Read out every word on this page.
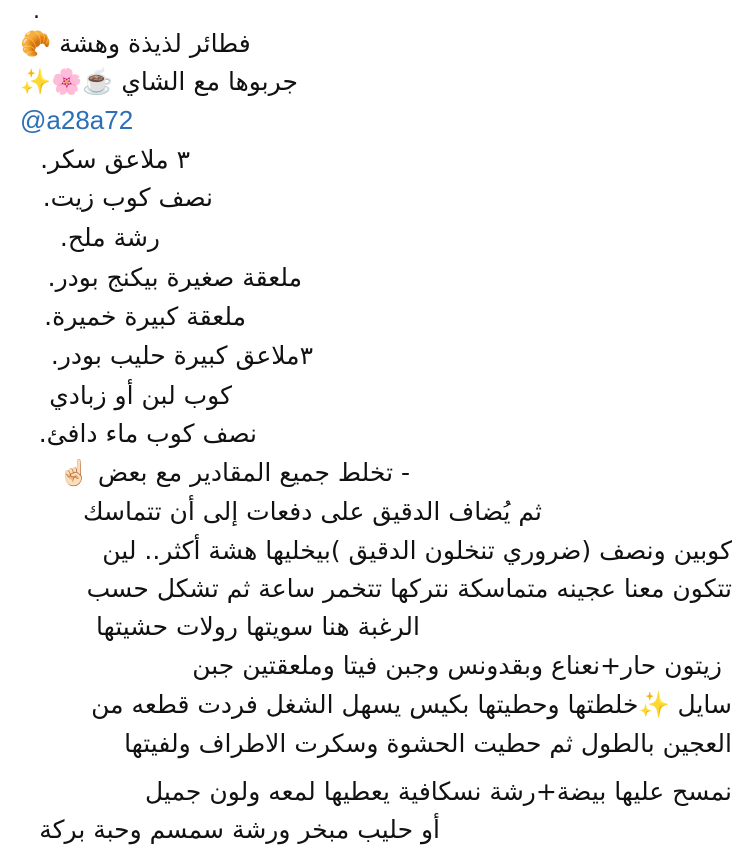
.
فطائر لذيذة وهشة 🥐
جربوها مع الشاي ☕️🌸✨
@a28a72
٣ ملاعق سكر.
نصف كوب زيت.
رشة ملح.
ملعقة صغيرة بيكنج بودر.
ملعقة كبيرة خميرة.
٣ملاعق كبيرة حليب بودر.
كوب لبن أو زبادي
نصف كوب ماء دافئ.
- تخلط جميع المقادير مع بعض ☝🏻
ثم يُضاف الدقيق على دفعات إلى أن تتماسك
كوبين ونصف (ضروري تنخلون الدقيق )بيخليها هشة أكثر.. لين
تتكون معنا عجينه متماسكة نتركها تتخمر ساعة ثم تشكل حسب
الرغبة هنا سويتها رولات حشيتها
زيتون حار+نعناع وبقدونس وجبن فيتا وملعقتين جبن
سايل ✨خلطتها وحطيتها بكيس يسهل الشغل فردت قطعه من
العجين بالطول ثم حطيت الحشوة وسكرت الاطراف ولفيتها
نمسح عليها بيضة+رشة نسكافية يعطيها لمعه ولون جميل
أو حليب مبخر ورشة سمسم وحبة بركة
